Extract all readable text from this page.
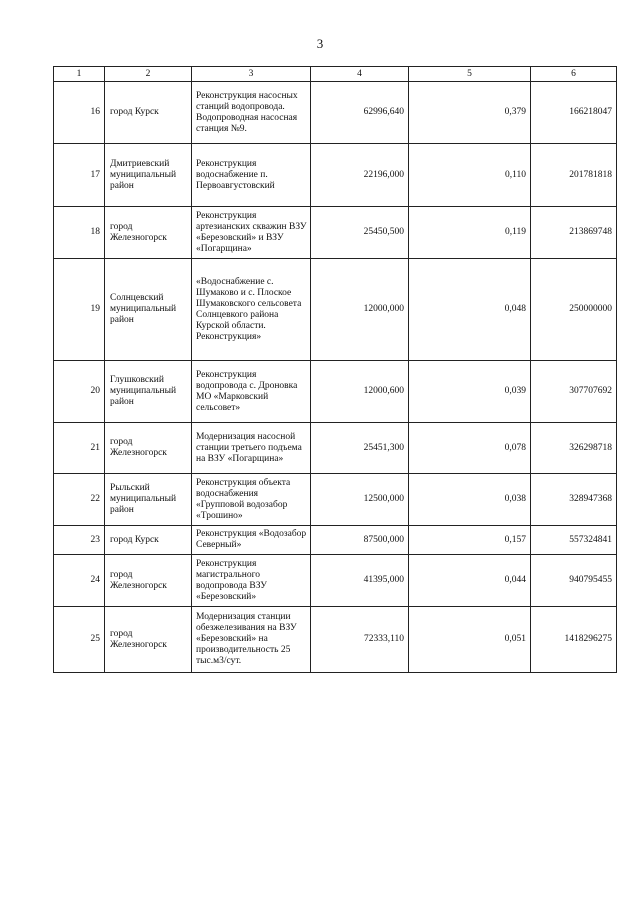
3
1	2	3	4	5	6
16	город Курск	Реконструкция насосных станций водопровода. Водопроводная насосная станция №9.	62996,640	0,379	166218047
17	Дмитриевский муниципальный район	Реконструкция водоснабжение п. Первоавгустовский	22196,000	0,110	201781818
18	город Железногорск	Реконструкция артезианских скважин ВЗУ «Березовский» и ВЗУ «Погарщина»	25450,500	0,119	213869748
19	Солнцевский муниципальный район	«Водоснабжение с. Шумаково и с. Плоское Шумаковского сельсовета Солнцевкого района Курской области. Реконструкция»	12000,000	0,048	250000000
20	Глушковский муниципальный район	Реконструкция водопровода с. Дроновка МО «Марковский сельсовет»	12000,600	0,039	307707692
21	город Железногорск	Модернизация насосной станции третьего подъема на ВЗУ «Погарщина»	25451,300	0,078	326298718
22	Рыльский муниципальный район	Реконструкция объекта водоснабжения «Групповой водозабор «Трошино»	12500,000	0,038	328947368
23	город Курск	Реконструкция «Водозабор Северный»	87500,000	0,157	557324841
24	город Железногорск	Реконструкция магистрального водопровода ВЗУ «Березовский»	41395,000	0,044	940795455
25	город Железногорск	Модернизация станции обезжелезивания на ВЗУ «Березовский» на производительность 25 тыс.м3/сут.	72333,110	0,051	1418296275
